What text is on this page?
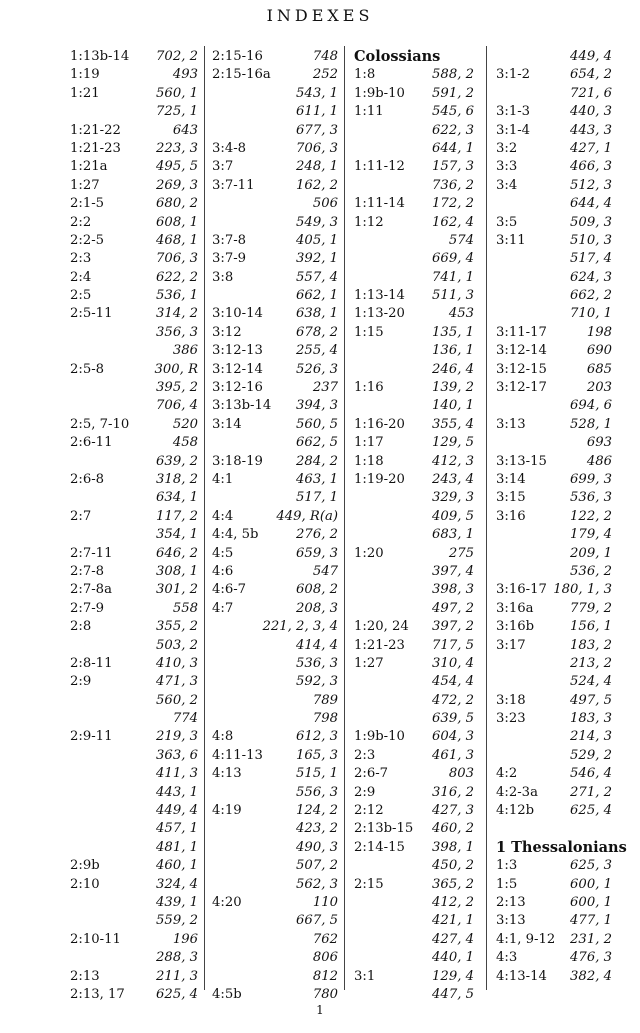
INDEXES
1:13b-14	702, 2
1:19	493
1:21	560, 1
725, 1
1:21-22	643
1:21-23	223, 3
1:21a	495, 5
1:27	269, 3
2:1-5	680, 2
2:2	608, 1
2:2-5	468, 1
2:3	706, 3
2:4	622, 2
2:5	536, 1
2:5-11	314, 2
356, 3
386
2:5-8	300, R
395, 2
706, 4
2:5, 7-10	520
2:6-11	458
639, 2
2:6-8	318, 2
634, 1
2:7	117, 2
354, 1
2:7-11	646, 2
2:7-8	308, 1
2:7-8a	301, 2
2:7-9	558
2:8	355, 2
503, 2
2:8-11	410, 3
2:9	471, 3
560, 2
774
2:9-11	219, 3
363, 6
411, 3
443, 1
449, 4
457, 1
481, 1
2:9b	460, 1
2:10	324, 4
439, 1
559, 2
2:10-11	196
288, 3
2:13	211, 3
2:13, 17	625, 4
2:15-16	748
2:15-16a	252
543, 1
611, 1
677, 3
3:4-8	706, 3
3:7	248, 1
3:7-11	162, 2
506
549, 3
3:7-8	405, 1
3:7-9	392, 1
3:8	557, 4
662, 1
3:10-14	638, 1
3:12	678, 2
3:12-13	255, 4
3:12-14	526, 3
3:12-16	237
3:13b-14	394, 3
3:14	560, 5
662, 5
3:18-19	284, 2
4:1	463, 1
517, 1
4:4	449, R(a)
4:4, 5b	276, 2
4:5	659, 3
4:6	547
4:6-7	608, 2
4:7	208, 3
221, 2, 3, 4
414, 4
536, 3
592, 3
789
798
4:8	612, 3
4:11-13	165, 3
4:13	515, 1
556, 3
4:19	124, 2
423, 2
490, 3
507, 2
562, 3
4:20	110
667, 5
762
806
812
4:5b	780
Colossians
1:8	588, 2
1:9b-10	591, 2
1:11	545, 6
622, 3
644, 1
1:11-12	157, 3
736, 2
1:11-14	172, 2
1:12	162, 4
574
669, 4
741, 1
1:13-14	511, 3
1:13-20	453
1:15	135, 1
136, 1
246, 4
1:16	139, 2
140, 1
1:16-20	355, 4
1:17	129, 5
1:18	412, 3
1:19-20	243, 4
329, 3
409, 5
683, 1
1:20	275
397, 4
398, 3
497, 2
1:20, 24	397, 2
1:21-23	717, 5
1:27	310, 4
454, 4
472, 2
639, 5
1:9b-10	604, 3
2:3	461, 3
2:6-7	803
2:9	316, 2
2:12	427, 3
2:13b-15	460, 2
2:14-15	398, 1
450, 2
2:15	365, 2
412, 2
421, 1
427, 4
440, 1
3:1	129, 4
447, 5
449, 4
3:1-2	654, 2
721, 6
3:1-3	440, 3
3:1-4	443, 3
3:2	427, 1
3:3	466, 3
3:4	512, 3
644, 4
3:5	509, 3
3:11	510, 3
517, 4
624, 3
662, 2
710, 1
3:11-17	198
3:12-14	690
3:12-15	685
3:12-17	203
694, 6
3:13	528, 1
693
3:13-15	486
3:14	699, 3
3:15	536, 3
3:16	122, 2
179, 4
209, 1
536, 2
3:16-17 180, 1, 3
3:16a	779, 2
3:16b	156, 1
3:17	183, 2
213, 2
524, 4
3:18	497, 5
3:23	183, 3
214, 3
529, 2
4:2	546, 4
4:2-3a	271, 2
4:12b	625, 4
1 Thessalonians
1:3	625, 3
1:5	600, 1
2:13	600, 1
3:13	477, 1
4:1, 9-12	231, 2
4:3	476, 3
4:13-14	382, 4
1
